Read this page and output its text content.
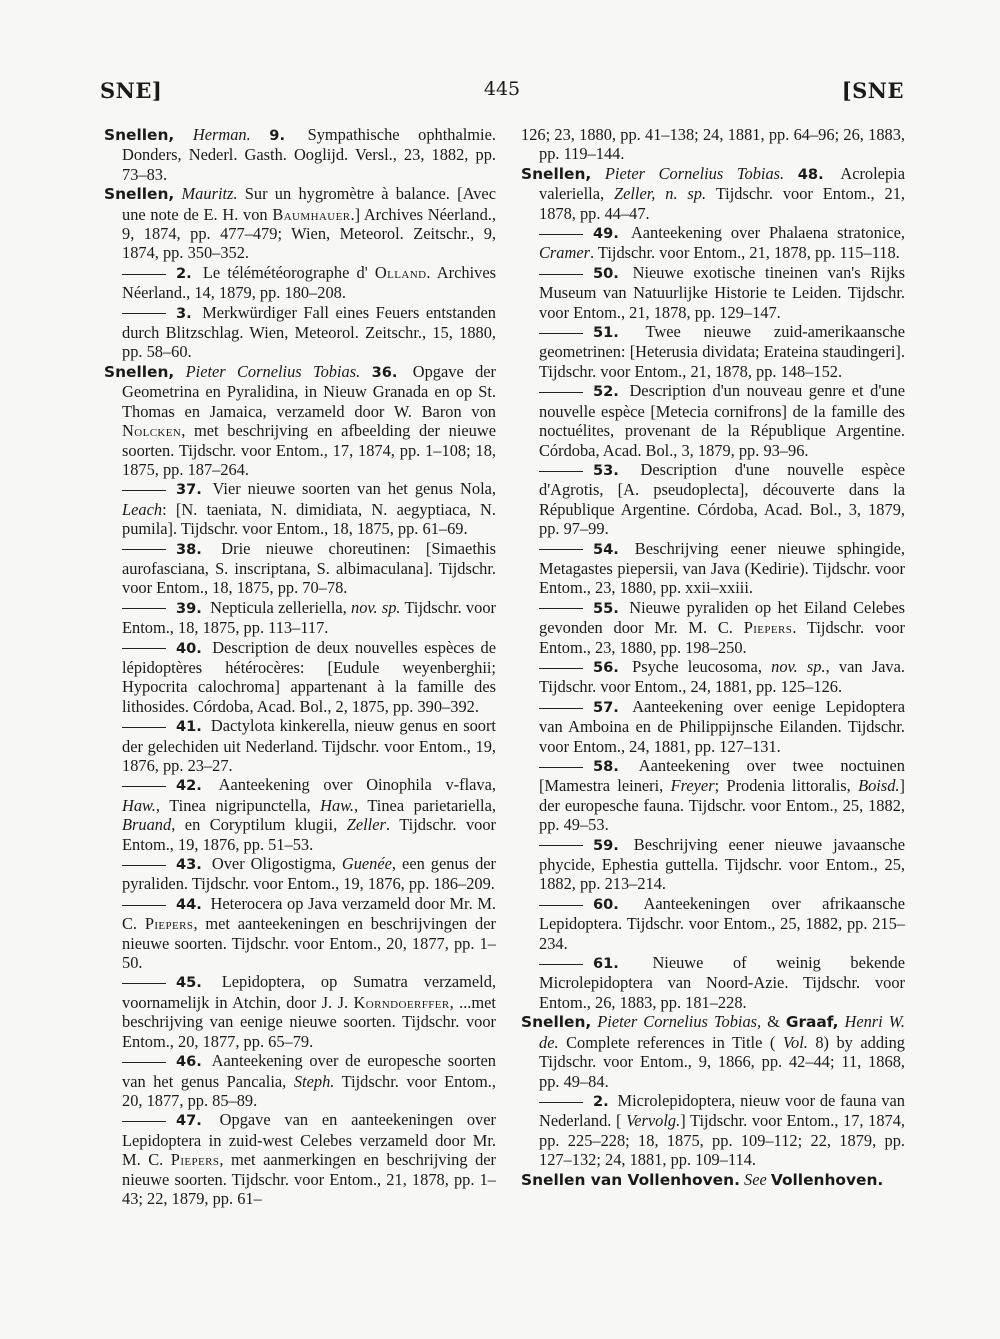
SNE]	445	[SNE

Snellen, Herman. 9. Sympathische ophthalmie. Donders, Nederl. Gasth. Ooglijd. Versl., 23, 1882, pp. 73–83.

Snellen, Mauritz. Sur un hygromètre à balance. [Avec une note de E. H. von Baumhauer.] Archives Néerland., 9, 1874, pp. 477–479; Wien, Meteorol. Zeitschr., 9, 1874, pp. 350–352.

2. Le télémétéorographe d' Olland. Archives Néerland., 14, 1879, pp. 180–208.

3. Merkwürdiger Fall eines Feuers entstanden durch Blitzschlag. Wien, Meteorol. Zeitschr., 15, 1880, pp. 58–60.

Snellen, Pieter Cornelius Tobias. 36. Opgave der Geometrina en Pyralidina, in Nieuw Granada en op St. Thomas en Jamaica, verzameld door W. Baron von Nolcken, met beschrijving en afbeelding der nieuwe soorten. Tijdschr. voor Entom., 17, 1874, pp. 1–108; 18, 1875, pp. 187–264.

37. Vier nieuwe soorten van het genus Nola, Leach: [N. taeniata, N. dimidiata, N. aegyptiaca, N. pumila]. Tijdschr. voor Entom., 18, 1875, pp. 61–69.

38. Drie nieuwe choreutinen: [Simaethis aurofasciana, S. inscriptana, S. albimaculana]. Tijdschr. voor Entom., 18, 1875, pp. 70–78.

39. Nepticula zelleriella, nov. sp. Tijdschr. voor Entom., 18, 1875, pp. 113–117.

40. Description de deux nouvelles espèces de lépidoptères hétérocères: [Eudule weyenberghii; Hypocrita calochroma] appartenant à la famille des lithosides. Córdoba, Acad. Bol., 2, 1875, pp. 390–392.

41. Dactylota kinkerella, nieuw genus en soort der gelechiden uit Nederland. Tijdschr. voor Entom., 19, 1876, pp. 23–27.

42. Aanteekening over Oinophila v-flava, Haw., Tinea nigripunctella, Haw., Tinea parietariella, Bruand, en Coryptilum klugii, Zeller. Tijdschr. voor Entom., 19, 1876, pp. 51–53.

43. Over Oligostigma, Guenée, een genus der pyraliden. Tijdschr. voor Entom., 19, 1876, pp. 186–209.

44. Heterocera op Java verzameld door Mr. M. C. Piepers, met aanteekeningen en beschrijvingen der nieuwe soorten. Tijdschr. voor Entom., 20, 1877, pp. 1–50.

45. Lepidoptera, op Sumatra verzameld, voornamelijk in Atchin, door J. J. Korndoerffer, ...met beschrijving van eenige nieuwe soorten. Tijdschr. voor Entom., 20, 1877, pp. 65–79.

46. Aanteekening over de europesche soorten van het genus Pancalia, Steph. Tijdschr. voor Entom., 20, 1877, pp. 85–89.

47. Opgave van en aanteekeningen over Lepidoptera in zuid-west Celebes verzameld door Mr. M. C. Piepers, met aanmerkingen en beschrijving der nieuwe soorten. Tijdschr. voor Entom., 21, 1878, pp. 1–43; 22, 1879, pp. 61–

126; 23, 1880, pp. 41–138; 24, 1881, pp. 64–96; 26, 1883, pp. 119–144.

Snellen, Pieter Cornelius Tobias. 48. Acrolepia valeriella, Zeller, n. sp. Tijdschr. voor Entom., 21, 1878, pp. 44–47.

49. Aanteekening over Phalaena stratonice, Cramer. Tijdschr. voor Entom., 21, 1878, pp. 115–118.

50. Nieuwe exotische tineinen van's Rijks Museum van Natuurlijke Historie te Leiden. Tijdschr. voor Entom., 21, 1878, pp. 129–147.

51. Twee nieuwe zuid-amerikaansche geometrinen: [Heterusia dividata; Erateina staudingeri]. Tijdschr. voor Entom., 21, 1878, pp. 148–152.

52. Description d'un nouveau genre et d'une nouvelle espèce [Metecia cornifrons] de la famille des noctuélites, provenant de la République Argentine. Córdoba, Acad. Bol., 3, 1879, pp. 93–96.

53. Description d'une nouvelle espèce d'Agrotis, [A. pseudoplecta], découverte dans la République Argentine. Córdoba, Acad. Bol., 3, 1879, pp. 97–99.

54. Beschrijving eener nieuwe sphingide, Metagastes piepersii, van Java (Kedirie). Tijdschr. voor Entom., 23, 1880, pp. xxii–xxiii.

55. Nieuwe pyraliden op het Eiland Celebes gevonden door Mr. M. C. Piepers. Tijdschr. voor Entom., 23, 1880, pp. 198–250.

56. Psyche leucosoma, nov. sp., van Java. Tijdschr. voor Entom., 24, 1881, pp. 125–126.

57. Aanteekening over eenige Lepidoptera van Amboina en de Philippijnsche Eilanden. Tijdschr. voor Entom., 24, 1881, pp. 127–131.

58. Aanteekening over twee noctuinen [Mamestra leineri, Freyer; Prodenia littoralis, Boisd.] der europesche fauna. Tijdschr. voor Entom., 25, 1882, pp. 49–53.

59. Beschrijving eener nieuwe javaansche phycide, Ephestia guttella. Tijdschr. voor Entom., 25, 1882, pp. 213–214.

60. Aanteekeningen over afrikaansche Lepidoptera. Tijdschr. voor Entom., 25, 1882, pp. 215–234.

61. Nieuwe of weinig bekende Microlepidoptera van Noord-Azie. Tijdschr. voor Entom., 26, 1883, pp. 181–228.

Snellen, Pieter Cornelius Tobias, & Graaf, Henri W. de. Complete references in Title ( Vol. 8) by adding Tijdschr. voor Entom., 9, 1866, pp. 42–44; 11, 1868, pp. 49–84.

2. Microlepidoptera, nieuw voor de fauna van Nederland. [ Vervolg.] Tijdschr. voor Entom., 17, 1874, pp. 225–228; 18, 1875, pp. 109–112; 22, 1879, pp. 127–132; 24, 1881, pp. 109–114.

Snellen van Vollenhoven. See Vollenhoven.
